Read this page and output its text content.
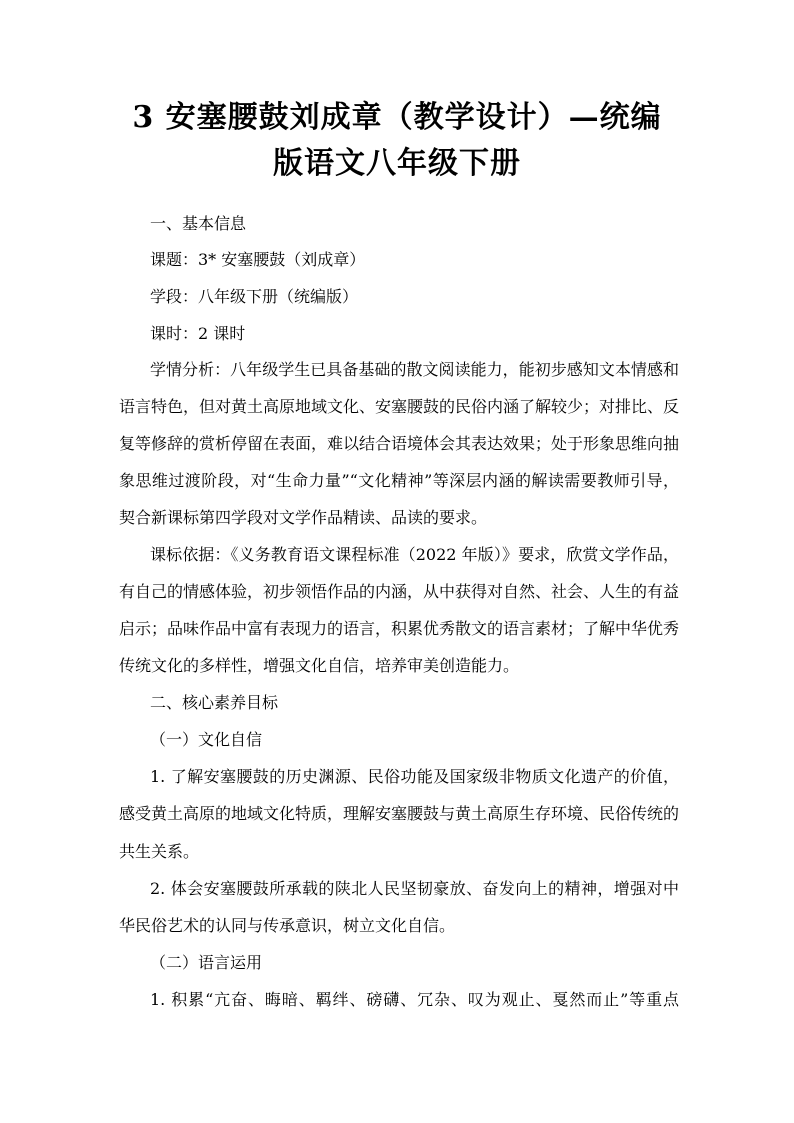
3 安塞腰鼓刘成章（教学设计）—统编
版语文八年级下册
一、基本信息
课题：3* 安塞腰鼓（刘成章）
学段：八年级下册（统编版）
课时：2 课时
学情分析：八年级学生已具备基础的散文阅读能力，能初步感知文本情感和
语言特色，但对黄土高原地域文化、安塞腰鼓的民俗内涵了解较少；对排比、反
复等修辞的赏析停留在表面，难以结合语境体会其表达效果；处于形象思维向抽
象思维过渡阶段，对“生命力量”“文化精神”等深层内涵的解读需要教师引导，
契合新课标第四学段对文学作品精读、品读的要求。
课标依据：《义务教育语文课程标准（2022 年版）》要求，欣赏文学作品，
有自己的情感体验，初步领悟作品的内涵，从中获得对自然、社会、人生的有益
启示；品味作品中富有表现力的语言，积累优秀散文的语言素材；了解中华优秀
传统文化的多样性，增强文化自信，培养审美创造能力。
二、核心素养目标
（一）文化自信
1. 了解安塞腰鼓的历史渊源、民俗功能及国家级非物质文化遗产的价值，
感受黄土高原的地域文化特质，理解安塞腰鼓与黄土高原生存环境、民俗传统的
共生关系。
2. 体会安塞腰鼓所承载的陕北人民坚韧豪放、奋发向上的精神，增强对中
华民俗艺术的认同与传承意识，树立文化自信。
（二）语言运用
1. 积累“亢奋、晦暗、羁绊、磅礴、冗杂、叹为观止、戛然而止”等重点
